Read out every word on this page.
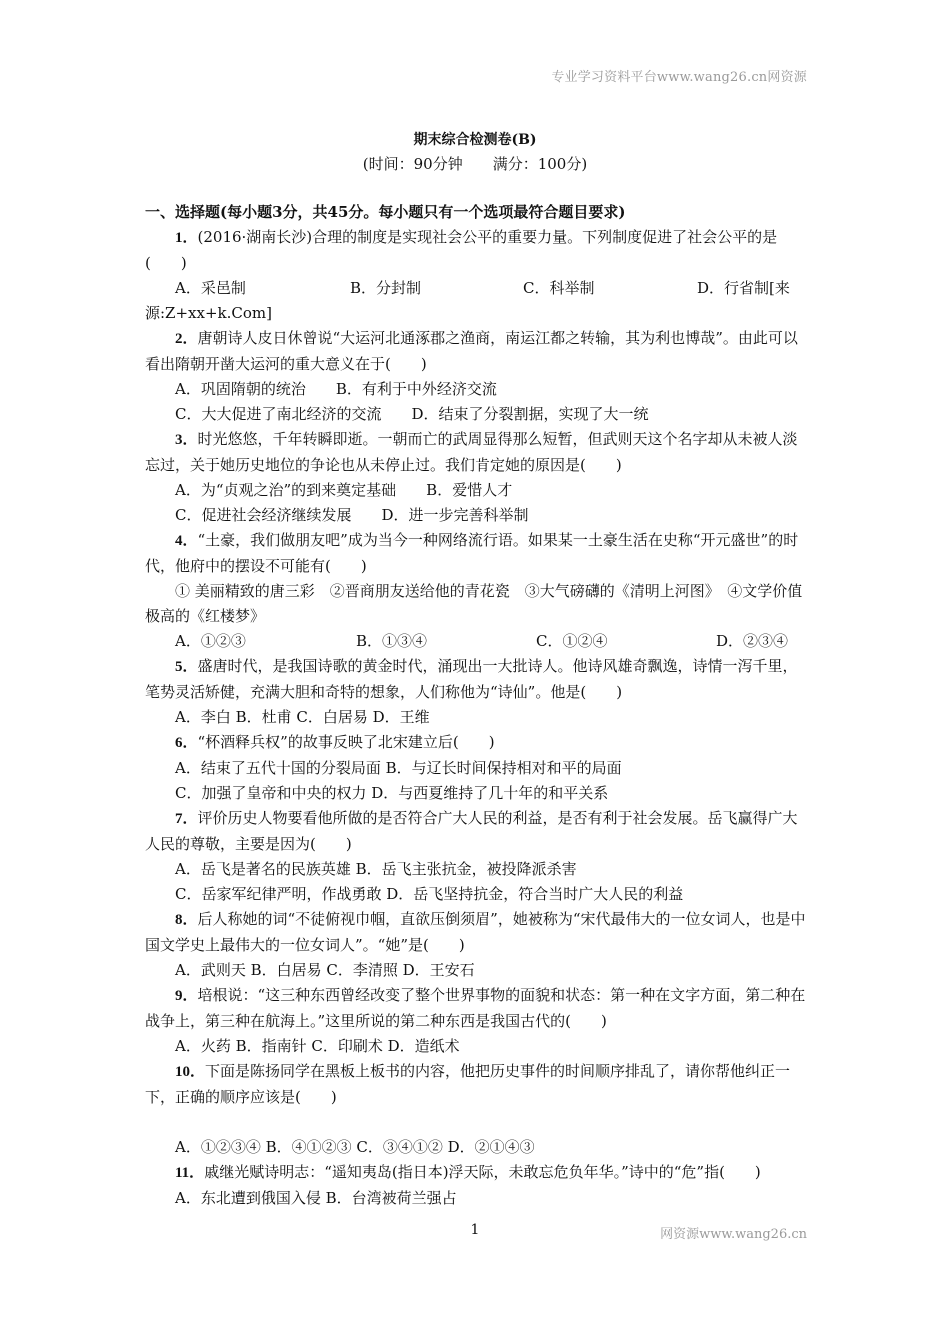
专业学习资料平台www.wang26.cn网资源
期末综合检测卷(B)
(时间：90分钟　　满分：100分)

一、选择题(每小题3分，共45分。每小题只有一个选项最符合题目要求)

1．(2016·湖南长沙)合理的制度是实现社会公平的重要力量。下列制度促进了社会公平的是(　　)

A．采邑制	B．分封制	C．科举制	D．行省制[来

源:Z+xx+k.Com]

2．唐朝诗人皮日休曾说“大运河北通涿郡之渔商，南运江都之转输，其为利也博哉”。由此可以看出隋朝开凿大运河的重大意义在于(　　)

A．巩固隋朝的统治　　B．有利于中外经济交流

C．大大促进了南北经济的交流　　D．结束了分裂割据，实现了大一统

3．时光悠悠，千年转瞬即逝。一朝而亡的武周显得那么短暂，但武则天这个名字却从未被人淡忘过，关于她历史地位的争论也从未停止过。我们肯定她的原因是(　　)

A．为“贞观之治”的到来奠定基础　　B．爱惜人才

C．促进社会经济继续发展　　D．进一步完善科举制

4．“土豪，我们做朋友吧”成为当今一种网络流行语。如果某一土豪生活在史称“开元盛世”的时代，他府中的摆设不可能有(　　)

① 美丽精致的唐三彩　②晋商朋友送给他的青花瓷　③大气磅礴的《清明上河图》　④文学价值极高的《红楼梦》

A．①②③	B．①③④	C．①②④	D．②③④

5．盛唐时代，是我国诗歌的黄金时代，涌现出一大批诗人。他诗风雄奇飘逸，诗情一泻千里，笔势灵活矫健，充满大胆和奇特的想象，人们称他为“诗仙”。他是(　　)

A．李白 B．杜甫 C．白居易 D．王维

6．“杯酒释兵权”的故事反映了北宋建立后(　　)

A．结束了五代十国的分裂局面 B．与辽长时间保持相对和平的局面

C．加强了皇帝和中央的权力 D．与西夏维持了几十年的和平关系

7．评价历史人物要看他所做的是否符合广大人民的利益，是否有利于社会发展。岳飞赢得广大人民的尊敬，主要是因为(　　)

A．岳飞是著名的民族英雄 B．岳飞主张抗金，被投降派杀害

C．岳家军纪律严明，作战勇敢 D．岳飞坚持抗金，符合当时广大人民的利益

8．后人称她的词“不徒俯视巾帼，直欲压倒须眉”，她被称为“宋代最伟大的一位女词人，也是中国文学史上最伟大的一位女词人”。“她”是(　　)

A．武则天 B．白居易 C．李清照 D．王安石

9．培根说：“这三种东西曾经改变了整个世界事物的面貌和状态：第一种在文字方面，第二种在战争上，第三种在航海上。”这里所说的第二种东西是我国古代的(　　)

A．火药 B．指南针 C．印刷术 D．造纸术

10．下面是陈扬同学在黑板上板书的内容，他把历史事件的时间顺序排乱了，请你帮他纠正一下，正确的顺序应该是(　　)

A．①②③④ B．④①②③ C．③④①② D．②①④③

11．戚继光赋诗明志：“遥知夷岛(指日本)浮天际，未敢忘危负年华。”诗中的“危”指(　　)

A．东北遭到俄国入侵 B．台湾被荷兰强占

1	网资源www.wang26.cn
